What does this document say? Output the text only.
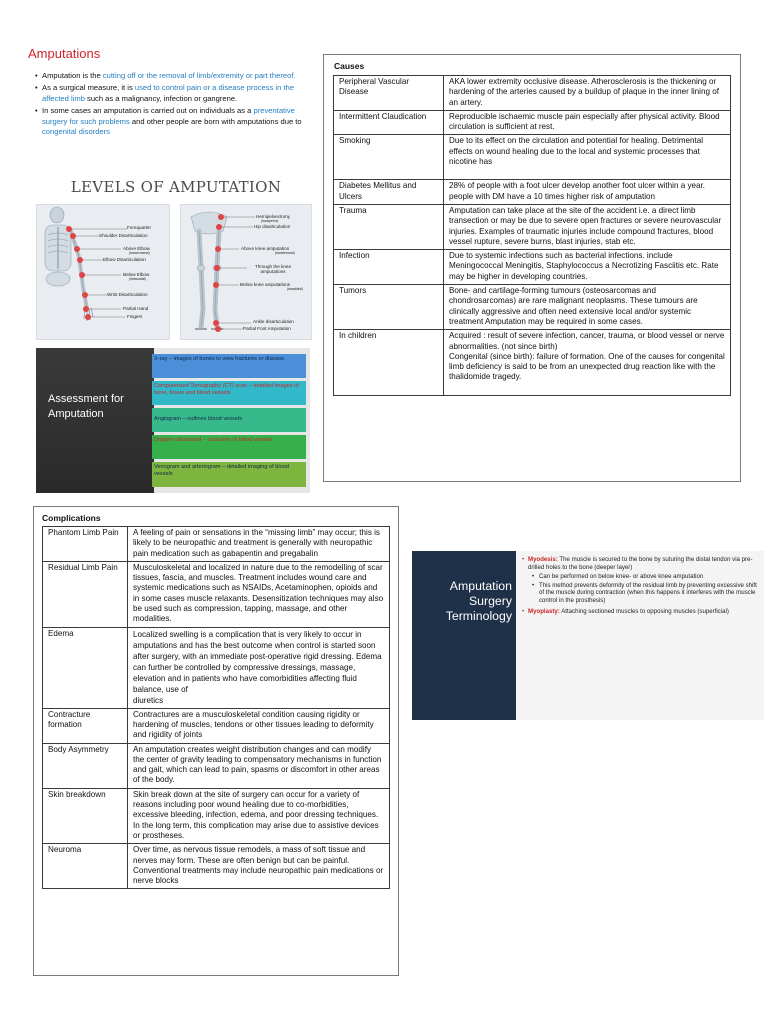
Amputations
• Amputation is the cutting off or the removal of limb/extremity or part thereof.
• As a surgical measure, it is used to control pain or a disease process in the affected limb such as a malignancy, infection or gangrene.
• In some cases an amputation is carried out on individuals as a preventative surgery for such problems and other people are born with amputations due to congenital disorders
LEVELS OF AMPUTATION
Forequarter
Shoulder Disarticulation
Above Elbow
(transhumeral)
Elbow Disarticulation
Below Elbow
(transradial)
Wrist Disarticulation
Partial Hand
Fingers
Hemipelvectomy
(transpelvic)
Hip disarticulation
Above knee amputation
(transfemoral)
Through the knee amputations
Below knee amputations
(transtibial)
Ankle disarticulation
Partial Foot Amputation
Assessment for Amputation
X-ray – images of bones to view fractures or disease
Computerised Tomography (CT) scan – detailed images of bone, tissue and blood vessels
Angiogram – outlines blood vessels
Doppler ultrasound – occlusion of blood vessels
Venogram and arteriogram – detailed imaging of blood vessels
Causes
Peripheral Vascular Disease	AKA lower extremity occlusive disease. Atherosclerosis is the thickening or hardening of the arteries caused by a buildup of plaque in the inner lining of an artery.
Intermittent Claudication	Reproducible ischaemic muscle pain especially after physical activity. Blood circulation is sufficient at rest.
Smoking	Due to its effect on the circulation and potential for healing. Detrimental effects on wound healing due to the local and systemic processes that nicotine has
Diabetes Mellitus and Ulcers	28% of people with a foot ulcer develop another foot ulcer within a year. people with DM have a 10 times higher risk of amputation
Trauma	Amputation can take place at the site of the accident i.e. a direct limb transection or may be due to severe open fractures or severe neurovascular injuries. Examples of traumatic injuries include compound fractures, blood vessel rupture, severe burns, blast injuries, stab etc.
Infection	Due to systemic infections such as bacterial infections. include Meningococcal Meningitis, Staphylococcus a Necrotizing Fasciitis etc. Rate may be higher in developing countries.
Tumors	Bone- and cartilage-forming tumours (osteosarcomas and chondrosarcomas) are rare malignant neoplasms. These tumours are clinically aggressive and often need extensive local and/or systemic treatment Amputation may be required in some cases.
In children	Acquired : result of severe infection, cancer, trauma, or blood vessel or nerve abnormalities. (not since birth)
Congenital (since birth): failure of formation. One of the causes for congenital limb deficiency is said to be from an unexpected drug reaction like with the thalidomide tragedy.
Complications
Phantom Limb Pain	A feeling of pain or sensations in the “missing limb” may occur; this is likely to be neuropathic and treatment is generally with neuropathic pain medication such as gabapentin and pregabalin
Residual Limb Pain	Musculoskeletal and localized in nature due to the remodelling of scar tissues, fascia, and muscles. Treatment includes wound care and systemic medications such as NSAIDs, Acetaminophen, opioids and in some cases muscle relaxants. Desensitization techniques may also be used such as compression, tapping, massage, and other modalities.
Edema	Localized swelling is a complication that is very likely to occur in amputations and has the best outcome when control is started soon after surgery, with an immediate post-operative rigid dressing. Edema can further be controlled by compressive dressings, massage, elevation and in patients who have comorbidities affecting fluid balance, use of
diuretics

Contracture formation	Contractures are a musculoskeletal condition causing rigidity or hardening of muscles, tendons or other tissues leading to deformity and rigidity of joints
Body Asymmetry	An amputation creates weight distribution changes and can modify the center of gravity leading to compensatory mechanisms in function and gait, which can lead to pain, spasms or discomfort in other areas of the body.
Skin breakdown	Skin break down at the site of surgery can occur for a variety of reasons including poor wound healing due to co-morbidities, excessive bleeding, infection, edema, and poor dressing techniques. In the long term, this complication may arise due to assistive devices or prostheses.
Neuroma	Over time, as nervous tissue remodels, a mass of soft tissue and nerves may form. These are often benign but can be painful. Conventional treatments may include neuropathic pain medications or nerve blocks
Amputation Surgery Terminology
• Myodesis: The muscle is secured to the bone by suturing the distal tendon via pre-drilled holes to the bone (deeper layer)
• Can be performed on below knee- or above knee amputation
• This method prevents deformity of the residual limb by preventing excessive shift of the muscle during contraction (when this happens it interferes with the muscle control in the prosthesis)
• Myoplasty: Attaching sectioned muscles to opposing muscles (superficial)
